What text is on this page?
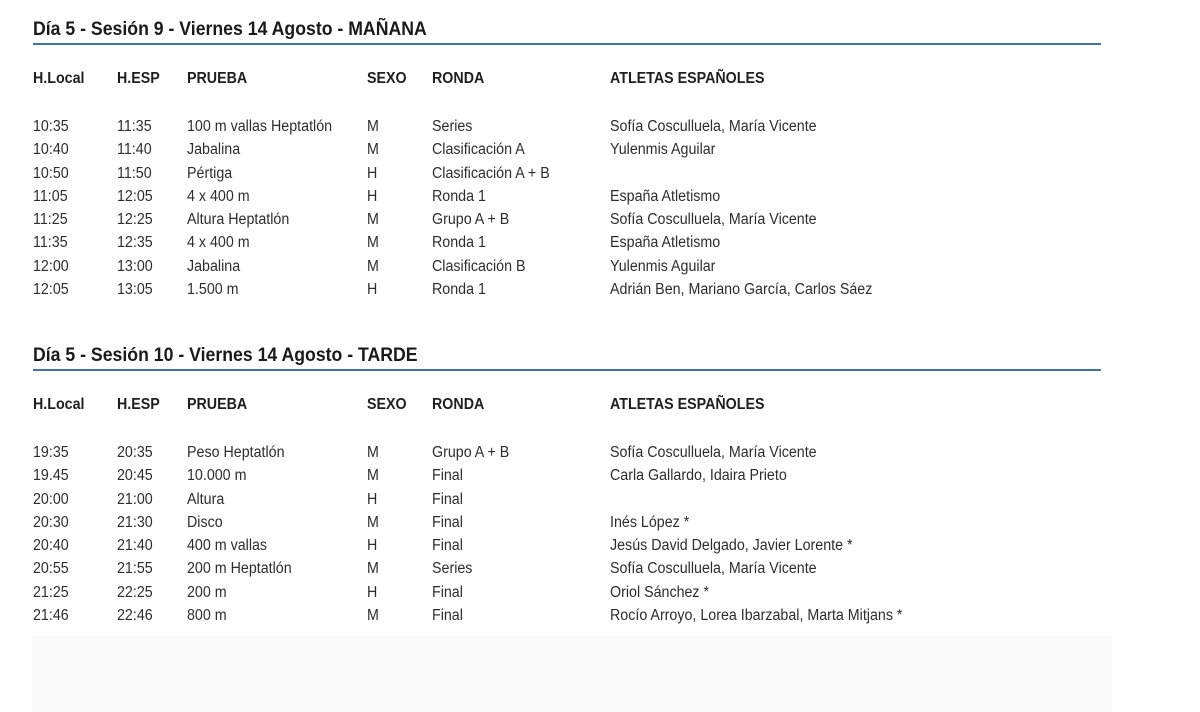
Día 5 - Sesión 9 - Viernes 14 Agosto - MAÑANA
H.Local H.ESP PRUEBA	SEXO RONDA	ATLETAS ESPAÑOLES
10:35	11:35 100 m vallas Heptatlón M	Series	Sofía Cosculluela, María Vicente
10:40	11:40 Jabalina	M	Clasificación A	Yulenmis Aguilar
10:50	11:50 Pértiga	H	Clasificación A + B
11:05	12:05 4 x 400 m	H	Ronda 1	España Atletismo
11:25	12:25 Altura Heptatlón	M	Grupo A + B	Sofía Cosculluela, María Vicente
11:35	12:35 4 x 400 m	M	Ronda 1	España Atletismo
12:00	13:00 Jabalina	M	Clasificación B	Yulenmis Aguilar
12:05	13:05 1.500 m	H	Ronda 1	Adrián Ben, Mariano García, Carlos Sáez
Día 5 - Sesión 10 - Viernes 14 Agosto - TARDE
H.Local H.ESP PRUEBA	SEXO RONDA	ATLETAS ESPAÑOLES
19:35	20:35 Peso Heptatlón	M	Grupo A + B	Sofía Cosculluela, María Vicente
19.45	20:45 10.000 m	M	Final	Carla Gallardo, Idaira Prieto
20:00	21:00 Altura	H	Final
20:30	21:30 Disco	M	Final	Inés López *
20:40	21:40 400 m vallas	H	Final	Jesús David Delgado, Javier Lorente *
20:55	21:55 200 m Heptatlón	M	Series	Sofía Cosculluela, María Vicente
21:25	22:25 200 m	H	Final	Oriol Sánchez *
21:46	22:46 800 m	M	Final	Rocío Arroyo, Lorea Ibarzabal, Marta Mitjans *
